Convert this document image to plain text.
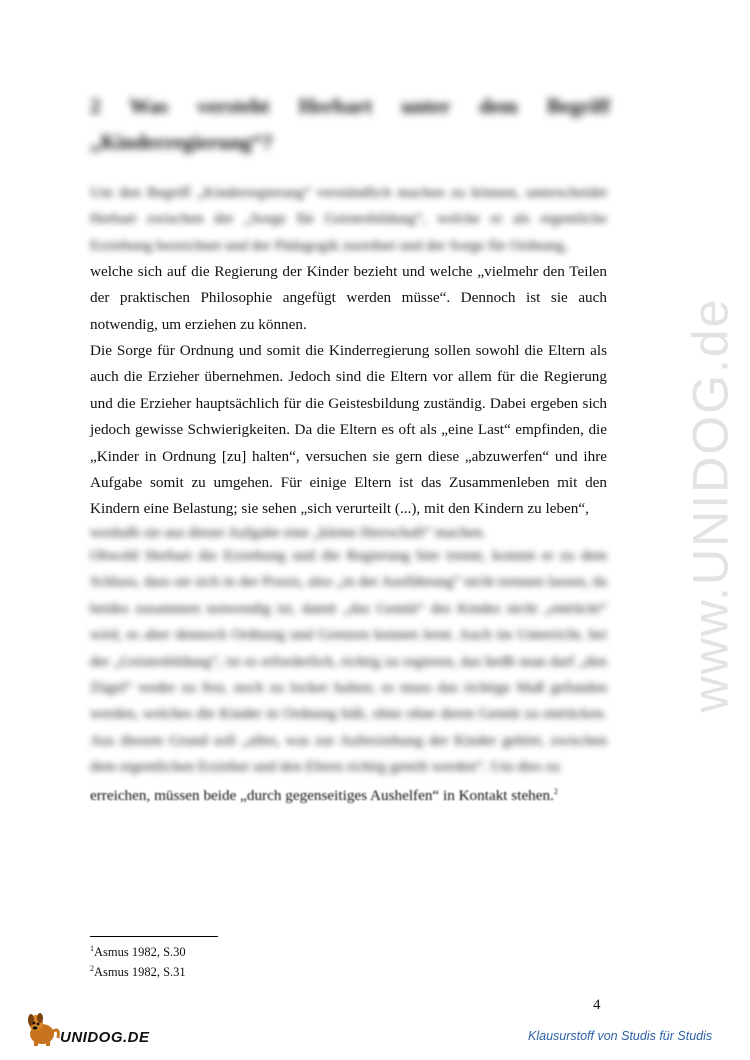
www.UNIDOG.de
2 Was versteht Herbart unter dem Begriff „Kinderregierung“?

Um den Begriff „Kinderregierung“ verständlich machen zu können, unterscheidet Herbart zwischen der „Sorge für Geistesbildung“, welche er als eigentliche Erziehung bezeichnet und der Pädagogik zuordnet und der Sorge für Ordnung,

welche sich auf die Regierung der Kinder bezieht und welche „vielmehr den Teilen der praktischen Philosophie angefügt werden müsse“. Dennoch ist sie auch notwendig, um erziehen zu können.

Die Sorge für Ordnung und somit die Kinderregierung sollen sowohl die Eltern als auch die Erzieher übernehmen. Jedoch sind die Eltern vor allem für die Regierung und die Erzieher hauptsächlich für die Geistesbildung zuständig. Dabei ergeben sich jedoch gewisse Schwierigkeiten. Da die Eltern es oft als „eine Last“ empfinden, die „Kinder in Ordnung [zu] halten“, versuchen sie gern diese „abzuwerfen“ und ihre Aufgabe somit zu umgehen. Für einige Eltern ist das Zusammenleben mit den Kindern eine Belastung; sie sehen „sich verurteilt (...), mit den Kindern zu leben“,

weshalb sie aus dieser Aufgabe eine „kleine Herrschaft“ machen.

Obwohl Herbart die Erziehung und die Regierung hier trennt, kommt er zu dem Schluss, dass sie sich in der Praxis, also „in der Ausführung“ nicht trennen lassen, da beides zusammen notwendig ist, damit „das Gemüt“ des Kindes nicht „entrückt“ wird, es aber dennoch Ordnung und Grenzen kennen lernt. Auch im Unterricht, bei der „Geistesbildung“, ist es erforderlich, richtig zu regieren, das heißt man darf „den Zügel“ weder zu fest, noch zu locker halten; es muss das richtige Maß gefunden werden, welches die Kinder in Ordnung hält, ohne ohne deren Gemüt zu entrücken. Aus diesem Grund soll „alles, was zur Auferziehung der Kinder gehört, zwischen dem eigentlichen Erzieher und den Eltern richtig geteilt werden“. Um dies zu

erreichen, müssen beide „durch gegenseitiges Aushelfen“ in Kontakt stehen.$^2$

$^1$Asmus 1982, S.30
$^2$Asmus 1982, S.31
4
UNIDOG.DE	Klausurstoff von Studis für Studis
